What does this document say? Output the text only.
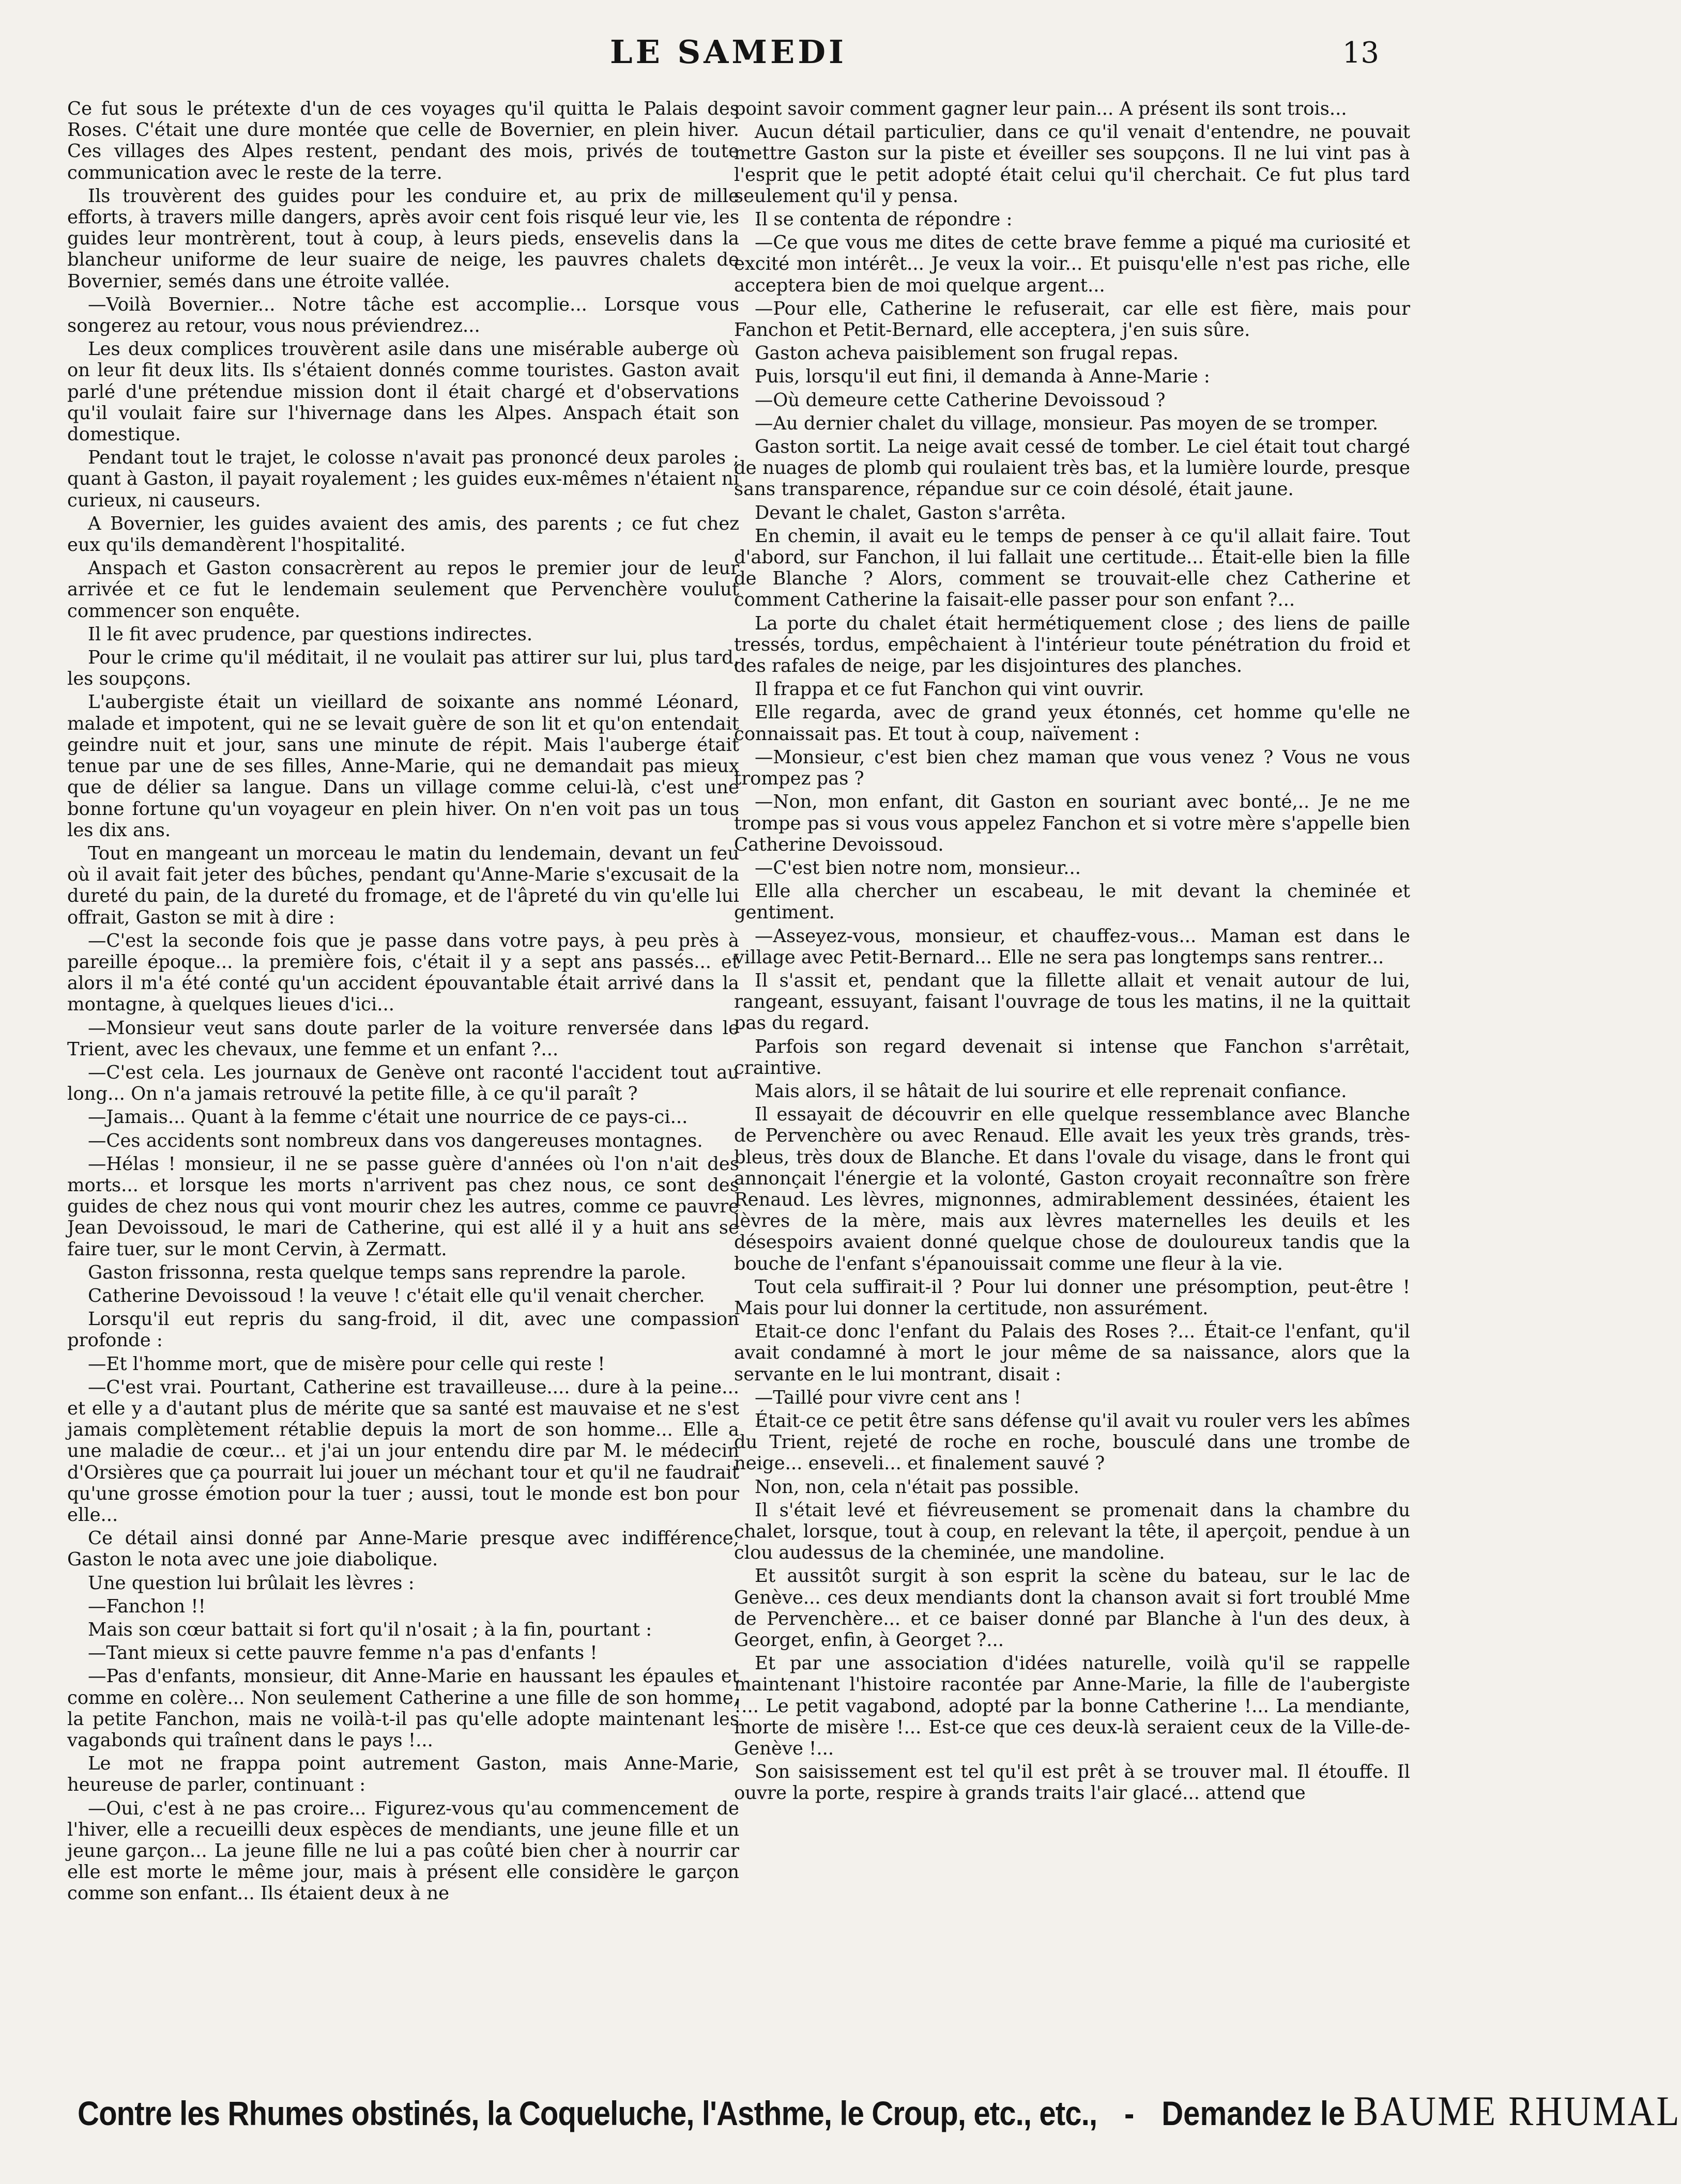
LE SAMEDI	13

Ce fut sous le prétexte d'un de ces voyages qu'il quitta le Palais des Roses. C'était une dure montée que celle de Bovernier, en plein hiver. Ces villages des Alpes restent, pendant des mois, privés de toute communication avec le reste de la terre.

Ils trouvèrent des guides pour les conduire et, au prix de mille efforts, à travers mille dangers, après avoir cent fois risqué leur vie, les guides leur montrèrent, tout à coup, à leurs pieds, ensevelis dans la blancheur uniforme de leur suaire de neige, les pauvres chalets de Bovernier, semés dans une étroite vallée.

—Voilà Bovernier... Notre tâche est accomplie... Lorsque vous songerez au retour, vous nous préviendrez...

Les deux complices trouvèrent asile dans une misérable auberge où on leur fit deux lits. Ils s'étaient donnés comme touristes. Gaston avait parlé d'une prétendue mission dont il était chargé et d'observations qu'il voulait faire sur l'hivernage dans les Alpes. Anspach était son domestique.

Pendant tout le trajet, le colosse n'avait pas prononcé deux paroles ; quant à Gaston, il payait royalement ; les guides eux-mêmes n'étaient ni curieux, ni causeurs.

A Bovernier, les guides avaient des amis, des parents ; ce fut chez eux qu'ils demandèrent l'hospitalité.

Anspach et Gaston consacrèrent au repos le premier jour de leur arrivée et ce fut le lendemain seulement que Pervenchère voulut commencer son enquête.

Il le fit avec prudence, par questions indirectes.

Pour le crime qu'il méditait, il ne voulait pas attirer sur lui, plus tard, les soupçons.

L'aubergiste était un vieillard de soixante ans nommé Léonard, malade et impotent, qui ne se levait guère de son lit et qu'on entendait geindre nuit et jour, sans une minute de répit. Mais l'auberge était tenue par une de ses filles, Anne-Marie, qui ne demandait pas mieux que de délier sa langue. Dans un village comme celui-là, c'est une bonne fortune qu'un voyageur en plein hiver. On n'en voit pas un tous les dix ans.

Tout en mangeant un morceau le matin du lendemain, devant un feu où il avait fait jeter des bûches, pendant qu'Anne-Marie s'excusait de la dureté du pain, de la dureté du fromage, et de l'âpreté du vin qu'elle lui offrait, Gaston se mit à dire :

—C'est la seconde fois que je passe dans votre pays, à peu près à pareille époque... la première fois, c'était il y a sept ans passés... et alors il m'a été conté qu'un accident épouvantable était arrivé dans la montagne, à quelques lieues d'ici...

—Monsieur veut sans doute parler de la voiture renversée dans le Trient, avec les chevaux, une femme et un enfant ?...

—C'est cela. Les journaux de Genève ont raconté l'accident tout au long... On n'a jamais retrouvé la petite fille, à ce qu'il paraît ?

—Jamais... Quant à la femme c'était une nourrice de ce pays-ci...

—Ces accidents sont nombreux dans vos dangereuses montagnes.

—Hélas ! monsieur, il ne se passe guère d'années où l'on n'ait des morts... et lorsque les morts n'arrivent pas chez nous, ce sont des guides de chez nous qui vont mourir chez les autres, comme ce pauvre Jean Devoissoud, le mari de Catherine, qui est allé il y a huit ans se faire tuer, sur le mont Cervin, à Zermatt.

Gaston frissonna, resta quelque temps sans reprendre la parole.

Catherine Devoissoud ! la veuve ! c'était elle qu'il venait chercher.

Lorsqu'il eut repris du sang-froid, il dit, avec une compassion profonde :

—Et l'homme mort, que de misère pour celle qui reste !

—C'est vrai. Pourtant, Catherine est travailleuse.... dure à la peine... et elle y a d'autant plus de mérite que sa santé est mauvaise et ne s'est jamais complètement rétablie depuis la mort de son homme... Elle a une maladie de cœur... et j'ai un jour entendu dire par M. le médecin d'Orsières que ça pourrait lui jouer un méchant tour et qu'il ne faudrait qu'une grosse émotion pour la tuer ; aussi, tout le monde est bon pour elle...

Ce détail ainsi donné par Anne-Marie presque avec indifférence, Gaston le nota avec une joie diabolique.

Une question lui brûlait les lèvres :

—Fanchon !!

Mais son cœur battait si fort qu'il n'osait ; à la fin, pourtant :

—Tant mieux si cette pauvre femme n'a pas d'enfants !

—Pas d'enfants, monsieur, dit Anne-Marie en haussant les épaules et comme en colère... Non seulement Catherine a une fille de son homme, la petite Fanchon, mais ne voilà-t-il pas qu'elle adopte maintenant les vagabonds qui traînent dans le pays !...

Le mot ne frappa point autrement Gaston, mais Anne-Marie, heureuse de parler, continuant :

—Oui, c'est à ne pas croire... Figurez-vous qu'au commencement de l'hiver, elle a recueilli deux espèces de mendiants, une jeune fille et un jeune garçon... La jeune fille ne lui a pas coûté bien cher à nourrir car elle est morte le même jour, mais à présent elle considère le garçon comme son enfant... Ils étaient deux à ne

point savoir comment gagner leur pain... A présent ils sont trois...

Aucun détail particulier, dans ce qu'il venait d'entendre, ne pouvait mettre Gaston sur la piste et éveiller ses soupçons. Il ne lui vint pas à l'esprit que le petit adopté était celui qu'il cherchait. Ce fut plus tard seulement qu'il y pensa.

Il se contenta de répondre :

—Ce que vous me dites de cette brave femme a piqué ma curiosité et excité mon intérêt... Je veux la voir... Et puisqu'elle n'est pas riche, elle acceptera bien de moi quelque argent...

—Pour elle, Catherine le refuserait, car elle est fière, mais pour Fanchon et Petit-Bernard, elle acceptera, j'en suis sûre.

Gaston acheva paisiblement son frugal repas.

Puis, lorsqu'il eut fini, il demanda à Anne-Marie :

—Où demeure cette Catherine Devoissoud ?

—Au dernier chalet du village, monsieur. Pas moyen de se tromper.

Gaston sortit. La neige avait cessé de tomber. Le ciel était tout chargé de nuages de plomb qui roulaient très bas, et la lumière lourde, presque sans transparence, répandue sur ce coin désolé, était jaune.

Devant le chalet, Gaston s'arrêta.

En chemin, il avait eu le temps de penser à ce qu'il allait faire. Tout d'abord, sur Fanchon, il lui fallait une certitude... Était-elle bien la fille de Blanche ? Alors, comment se trouvait-elle chez Catherine et comment Catherine la faisait-elle passer pour son enfant ?...

La porte du chalet était hermétiquement close ; des liens de paille tressés, tordus, empêchaient à l'intérieur toute pénétration du froid et des rafales de neige, par les disjointures des planches.

Il frappa et ce fut Fanchon qui vint ouvrir.

Elle regarda, avec de grand yeux étonnés, cet homme qu'elle ne connaissait pas. Et tout à coup, naïvement :

—Monsieur, c'est bien chez maman que vous venez ? Vous ne vous trompez pas ?

—Non, mon enfant, dit Gaston en souriant avec bonté,.. Je ne me trompe pas si vous vous appelez Fanchon et si votre mère s'appelle bien Catherine Devoissoud.

—C'est bien notre nom, monsieur...

Elle alla chercher un escabeau, le mit devant la cheminée et gentiment.

—Asseyez-vous, monsieur, et chauffez-vous... Maman est dans le village avec Petit-Bernard... Elle ne sera pas longtemps sans rentrer...

Il s'assit et, pendant que la fillette allait et venait autour de lui, rangeant, essuyant, faisant l'ouvrage de tous les matins, il ne la quittait pas du regard.

Parfois son regard devenait si intense que Fanchon s'arrêtait, craintive.

Mais alors, il se hâtait de lui sourire et elle reprenait confiance.

Il essayait de découvrir en elle quelque ressemblance avec Blanche de Pervenchère ou avec Renaud. Elle avait les yeux très grands, très-bleus, très doux de Blanche. Et dans l'ovale du visage, dans le front qui annonçait l'énergie et la volonté, Gaston croyait reconnaître son frère Renaud. Les lèvres, mignonnes, admirablement dessinées, étaient les lèvres de la mère, mais aux lèvres maternelles les deuils et les désespoirs avaient donné quelque chose de douloureux tandis que la bouche de l'enfant s'épanouissait comme une fleur à la vie.

Tout cela suffirait-il ? Pour lui donner une présomption, peut-être ! Mais pour lui donner la certitude, non assurément.

Etait-ce donc l'enfant du Palais des Roses ?... Était-ce l'enfant, qu'il avait condamné à mort le jour même de sa naissance, alors que la servante en le lui montrant, disait :

—Taillé pour vivre cent ans !

Était-ce ce petit être sans défense qu'il avait vu rouler vers les abîmes du Trient, rejeté de roche en roche, bousculé dans une trombe de neige... enseveli... et finalement sauvé ?

Non, non, cela n'était pas possible.

Il s'était levé et fiévreusement se promenait dans la chambre du chalet, lorsque, tout à coup, en relevant la tête, il aperçoit, pendue à un clou audessus de la cheminée, une mandoline.

Et aussitôt surgit à son esprit la scène du bateau, sur le lac de Genève... ces deux mendiants dont la chanson avait si fort troublé Mme de Pervenchère... et ce baiser donné par Blanche à l'un des deux, à Georget, enfin, à Georget ?...

Et par une association d'idées naturelle, voilà qu'il se rappelle maintenant l'histoire racontée par Anne-Marie, la fille de l'aubergiste !... Le petit vagabond, adopté par la bonne Catherine !... La mendiante, morte de misère !... Est-ce que ces deux-là seraient ceux de la Ville-de-Genève !...

Son saisissement est tel qu'il est prêt à se trouver mal. Il étouffe. Il ouvre la porte, respire à grands traits l'air glacé... attend que

Contre les Rhumes obstinés, la Coqueluche, l'Asthme, le Croup, etc., etc., - Demandez le BAUME RHUMAL
